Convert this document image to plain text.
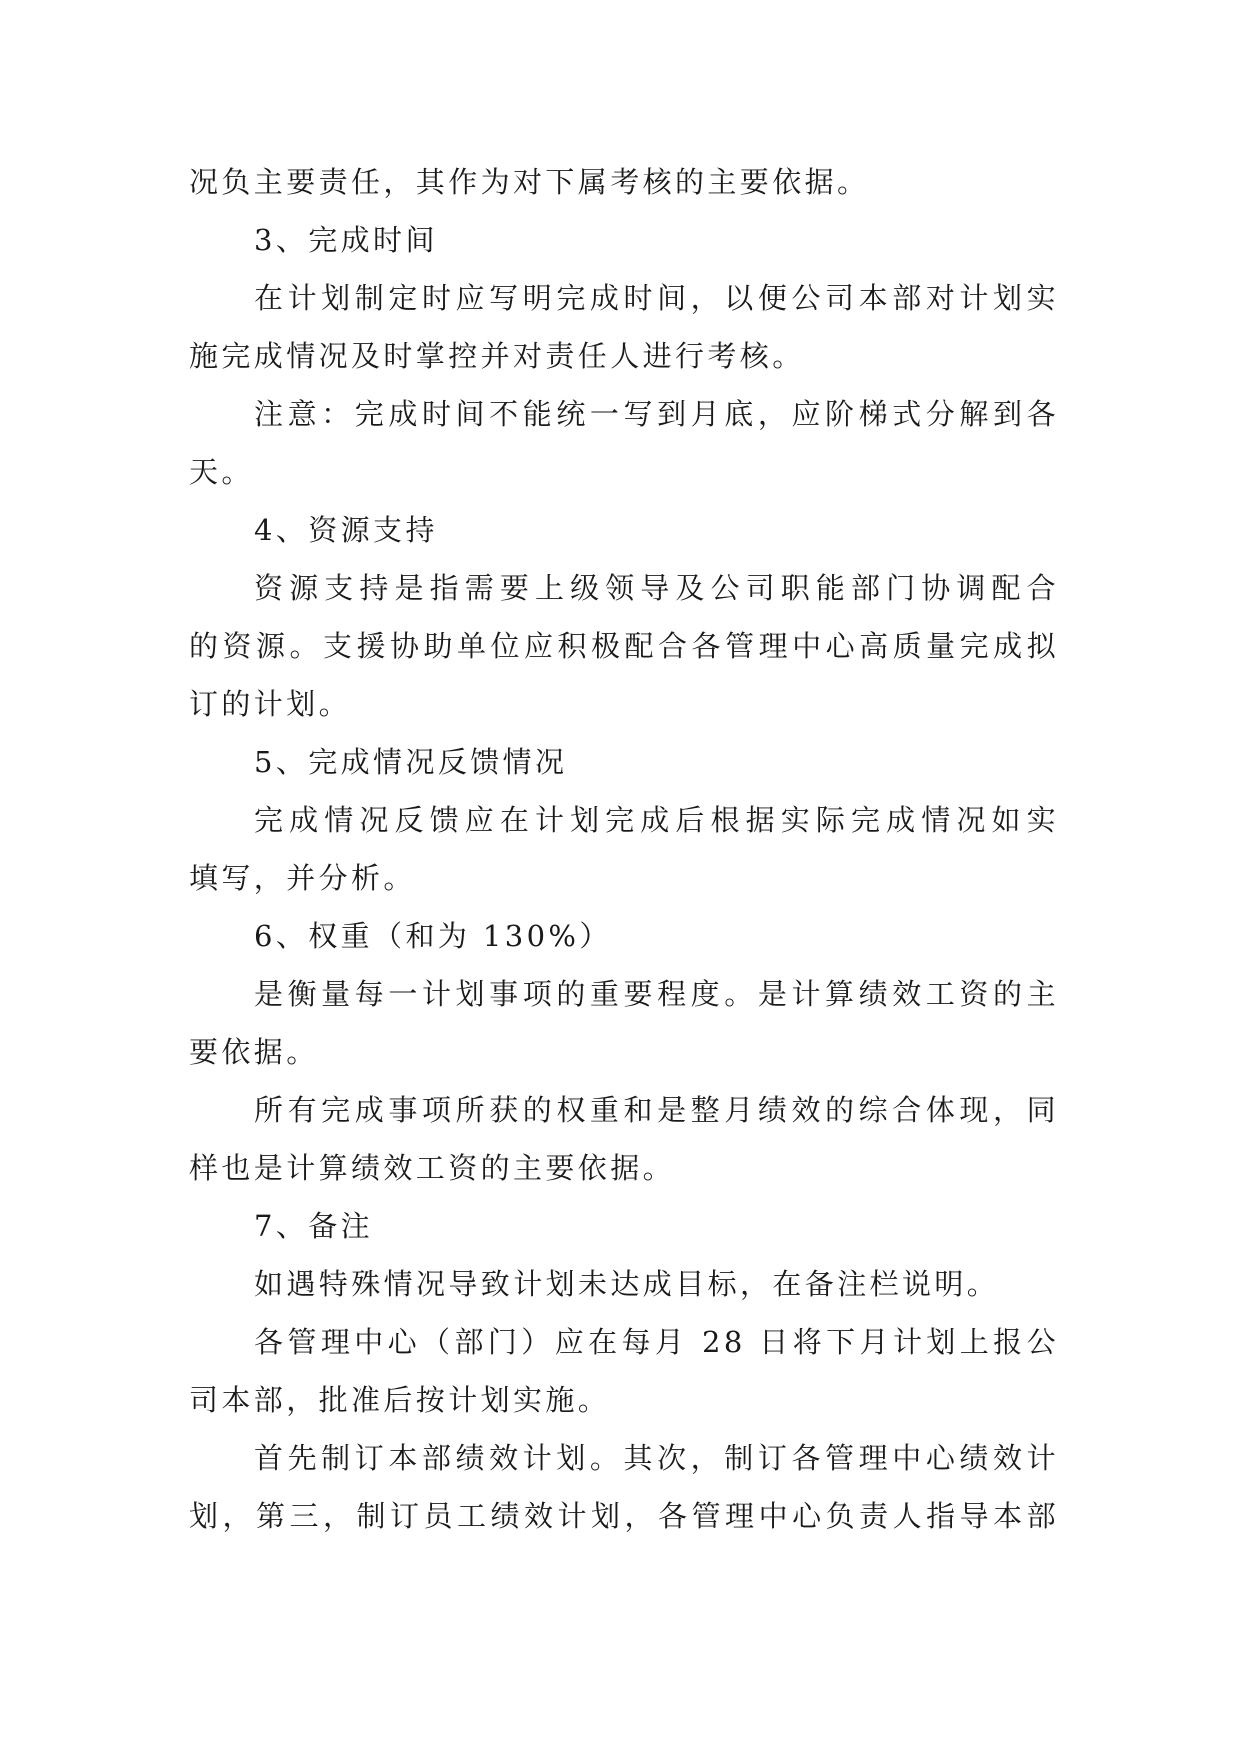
况负主要责任，其作为对下属考核的主要依据。
3、完成时间
在计划制定时应写明完成时间，以便公司本部对计划实
施完成情况及时掌控并对责任人进行考核。
注意：完成时间不能统一写到月底，应阶梯式分解到各
天。
4、资源支持
资源支持是指需要上级领导及公司职能部门协调配合
的资源。支援协助单位应积极配合各管理中心高质量完成拟
订的计划。
5、完成情况反馈情况
完成情况反馈应在计划完成后根据实际完成情况如实
填写，并分析。
6、权重（和为 130%）
是衡量每一计划事项的重要程度。是计算绩效工资的主
要依据。
所有完成事项所获的权重和是整月绩效的综合体现，同
样也是计算绩效工资的主要依据。
7、备注
如遇特殊情况导致计划未达成目标，在备注栏说明。
各管理中心（部门）应在每月 28 日将下月计划上报公
司本部，批准后按计划实施。
首先制订本部绩效计划。其次，制订各管理中心绩效计
划，第三，制订员工绩效计划，各管理中心负责人指导本部
